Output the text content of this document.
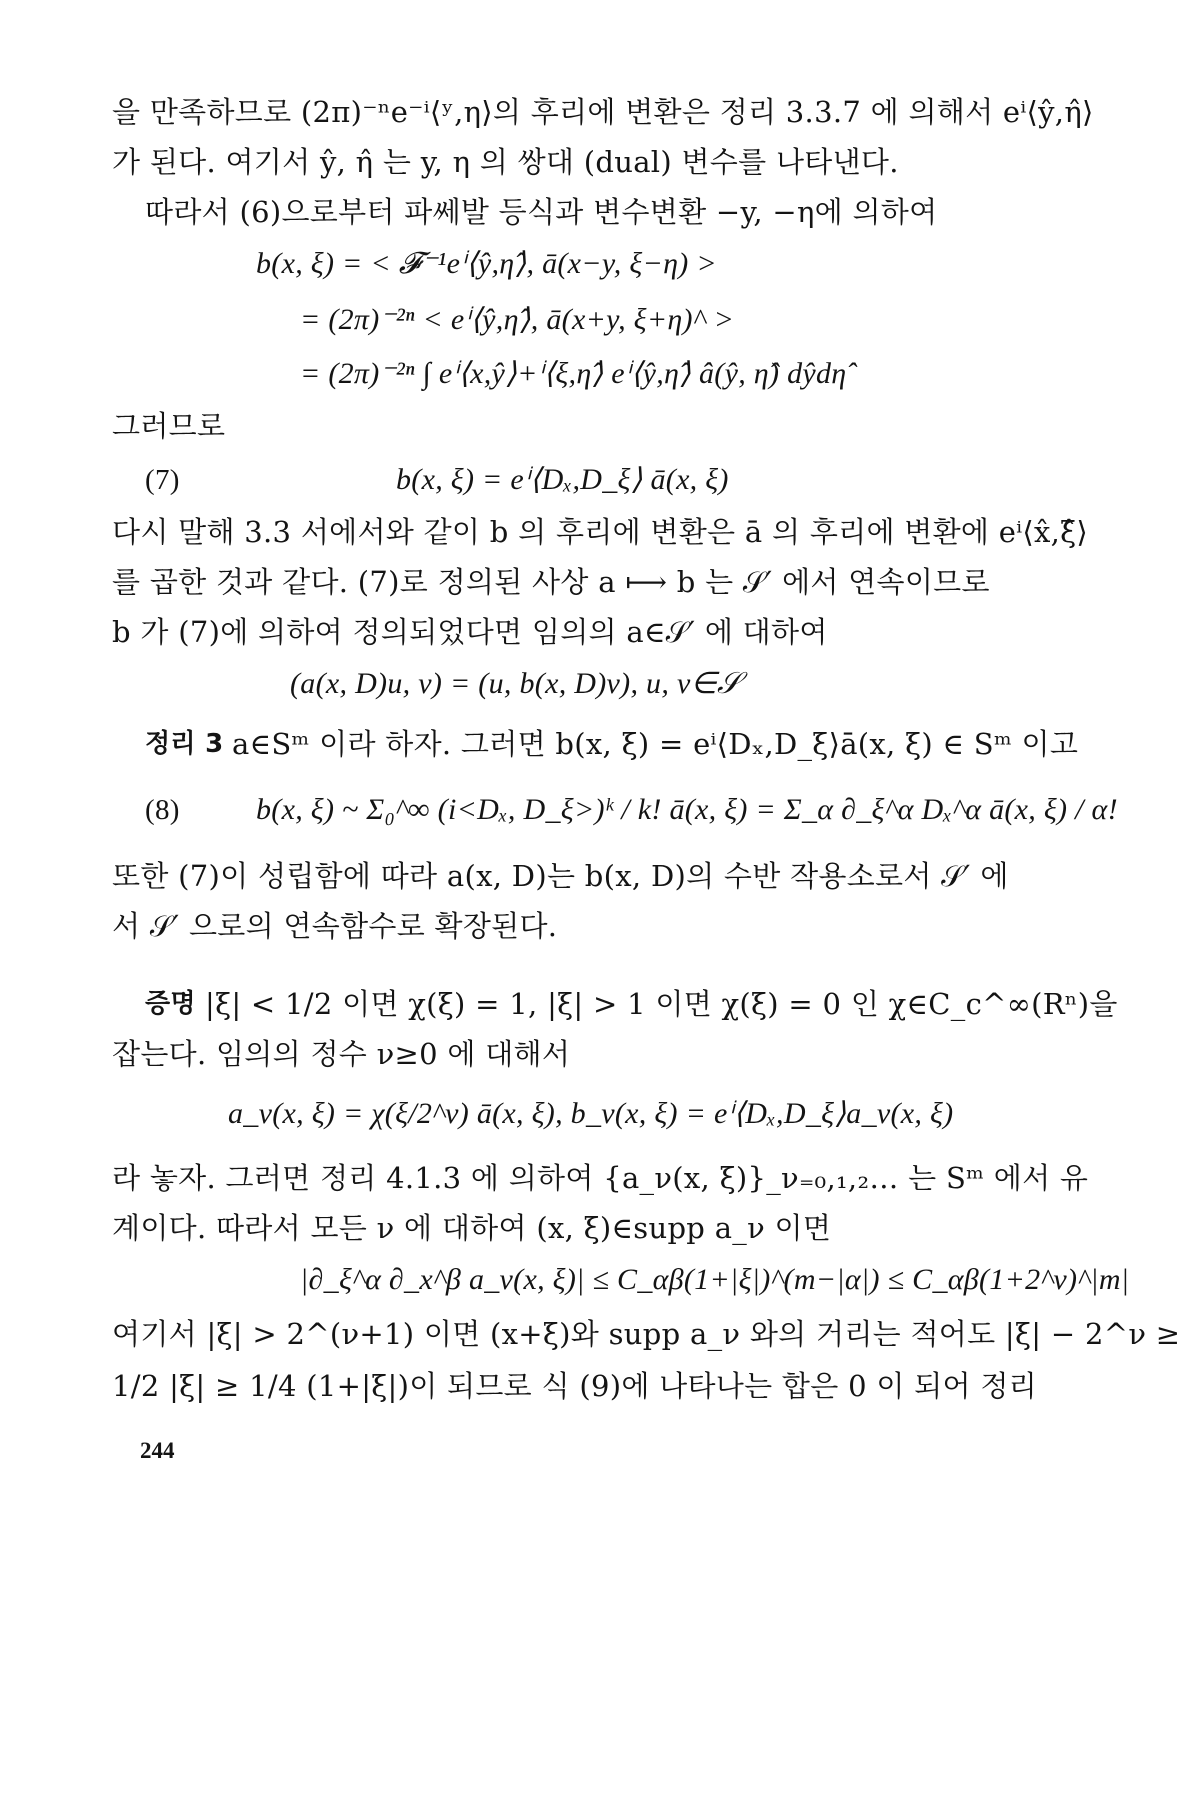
을 만족하므로 (2π)⁻ⁿe⁻ⁱ⟨ʸ,η⟩의 후리에 변환은 정리 3.3.7 에 의해서 eⁱ⟨ŷ,η̂⟩
가 된다. 여기서 ŷ, η̂ 는 y, η 의 쌍대 (dual) 변수를 나타낸다.
따라서 (6)으로부터 파쎄발 등식과 변수변환 −y, −η에 의하여
b(x, ξ) = < 𝓕⁻¹eⁱ⟨ŷ,η̂⟩, ā(x−y, ξ−η) >
= (2π)⁻²ⁿ < eⁱ⟨ŷ,η̂⟩, ā(x+y, ξ+η)^ >
= (2π)⁻²ⁿ ∫ eⁱ⟨x,ŷ⟩+ⁱ⟨ξ,η̂⟩ eⁱ⟨ŷ,η̂⟩ â(ŷ, η̂) dŷdη̂
그러므로
(7)	b(x, ξ) = eⁱ⟨Dₓ,D_ξ⟩ ā(x, ξ)
다시 말해 3.3 서에서와 같이 b 의 후리에 변환은 ā 의 후리에 변환에 eⁱ⟨x̂,ξ̂⟩
를 곱한 것과 같다. (7)로 정의된 사상 a ⟼ b 는 𝒮′ 에서 연속이므로
b 가 (7)에 의하여 정의되었다면 임의의 a∈𝒮′ 에 대하여
(a(x, D)u, v) = (u, b(x, D)v), u, v∈𝒮
정리 3 a∈Sᵐ 이라 하자. 그러면 b(x, ξ) = eⁱ⟨Dₓ,D_ξ⟩ā(x, ξ) ∈ Sᵐ 이고
(8)	b(x, ξ) ~ Σ₀^∞ (i<Dₓ, D_ξ>)ᵏ / k! ā(x, ξ) = Σ_α ∂_ξ^α Dₓ^α ā(x, ξ) / α!
또한 (7)이 성립함에 따라 a(x, D)는 b(x, D)의 수반 작용소로서 𝒮′ 에
서 𝒮′ 으로의 연속함수로 확장된다.
증명 |ξ| < 1/2 이면 χ(ξ) = 1, |ξ| > 1 이면 χ(ξ) = 0 인 χ∈C_c^∞(Rⁿ)을
잡는다. 임의의 정수 ν≥0 에 대해서
a_ν(x, ξ) = χ(ξ/2^ν) ā(x, ξ), b_ν(x, ξ) = eⁱ⟨Dₓ,D_ξ⟩a_ν(x, ξ)
라 놓자. 그러면 정리 4.1.3 에 의하여 {a_ν(x, ξ)}_ν₌₀,₁,₂… 는 Sᵐ 에서 유
계이다. 따라서 모든 ν 에 대하여 (x, ξ)∈supp a_ν 이면
|∂_ξ^α ∂_x^β a_ν(x, ξ)| ≤ C_αβ(1+|ξ|)^(m−|α|) ≤ C_αβ(1+2^ν)^|m|
여기서 |ξ| > 2^(ν+1) 이면 (x+ξ)와 supp a_ν 와의 거리는 적어도 |ξ| − 2^ν ≥
1/2 |ξ| ≥ 1/4 (1+|ξ|)이 되므로 식 (9)에 나타나는 합은 0 이 되어 정리
244
